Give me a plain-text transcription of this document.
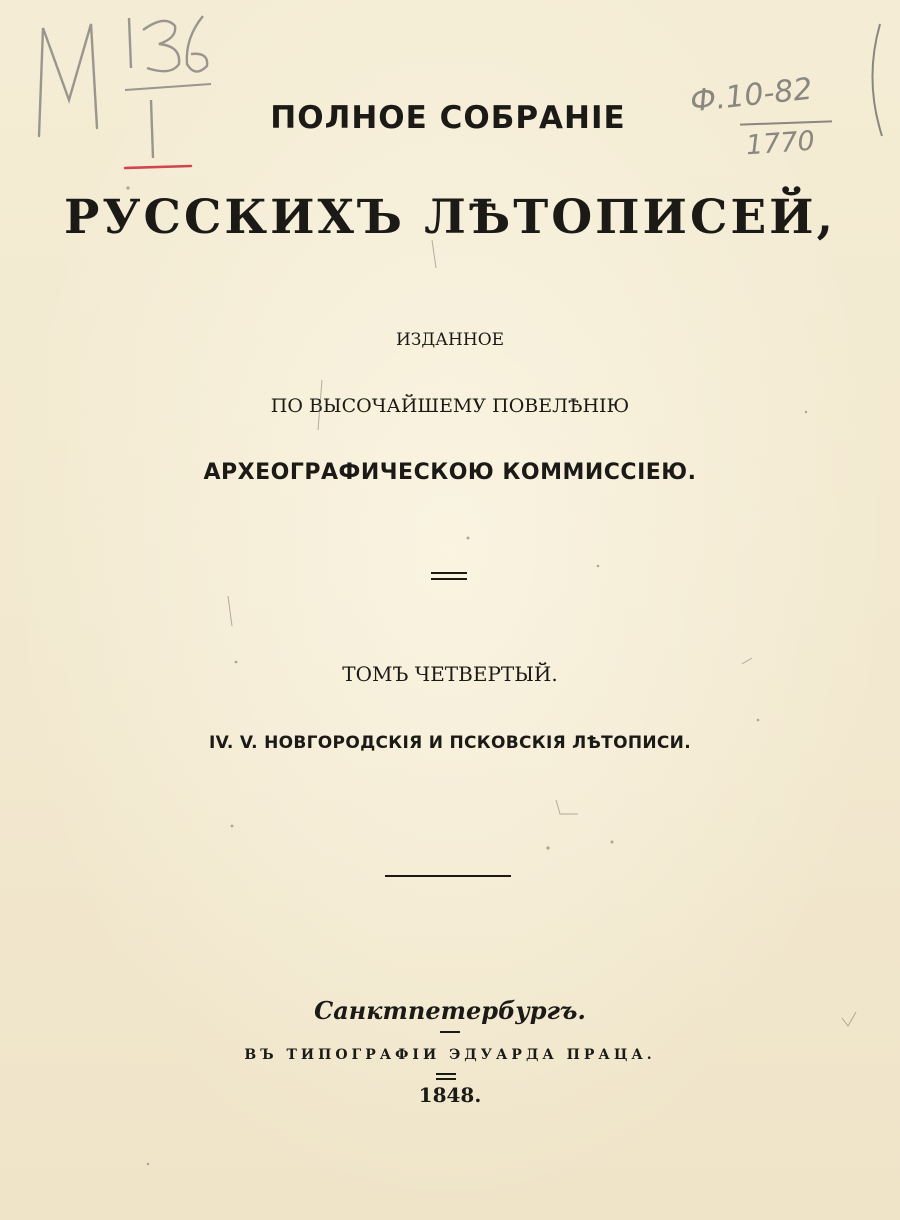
Ф.10-82
1770
ПОЛНОЕ СОБРАНІЕ
РУССКИХЪ ЛѢТОПИСЕЙ,
ИЗДАННОЕ
ПО ВЫСОЧАЙШЕМУ ПОВЕЛѢНІЮ
АРХЕОГРАФИЧЕСКОЮ КОММИССІЕЮ.
ТОМЪ ЧЕТВЕРТЫЙ.
IV. V. НОВГОРОДСКІЯ И ПСКОВСКІЯ ЛѢТОПИСИ.
Санктпетербургъ.
ВЪ ТИПОГРАФІИ ЭДУАРДА ПРАЦА.
1848.
